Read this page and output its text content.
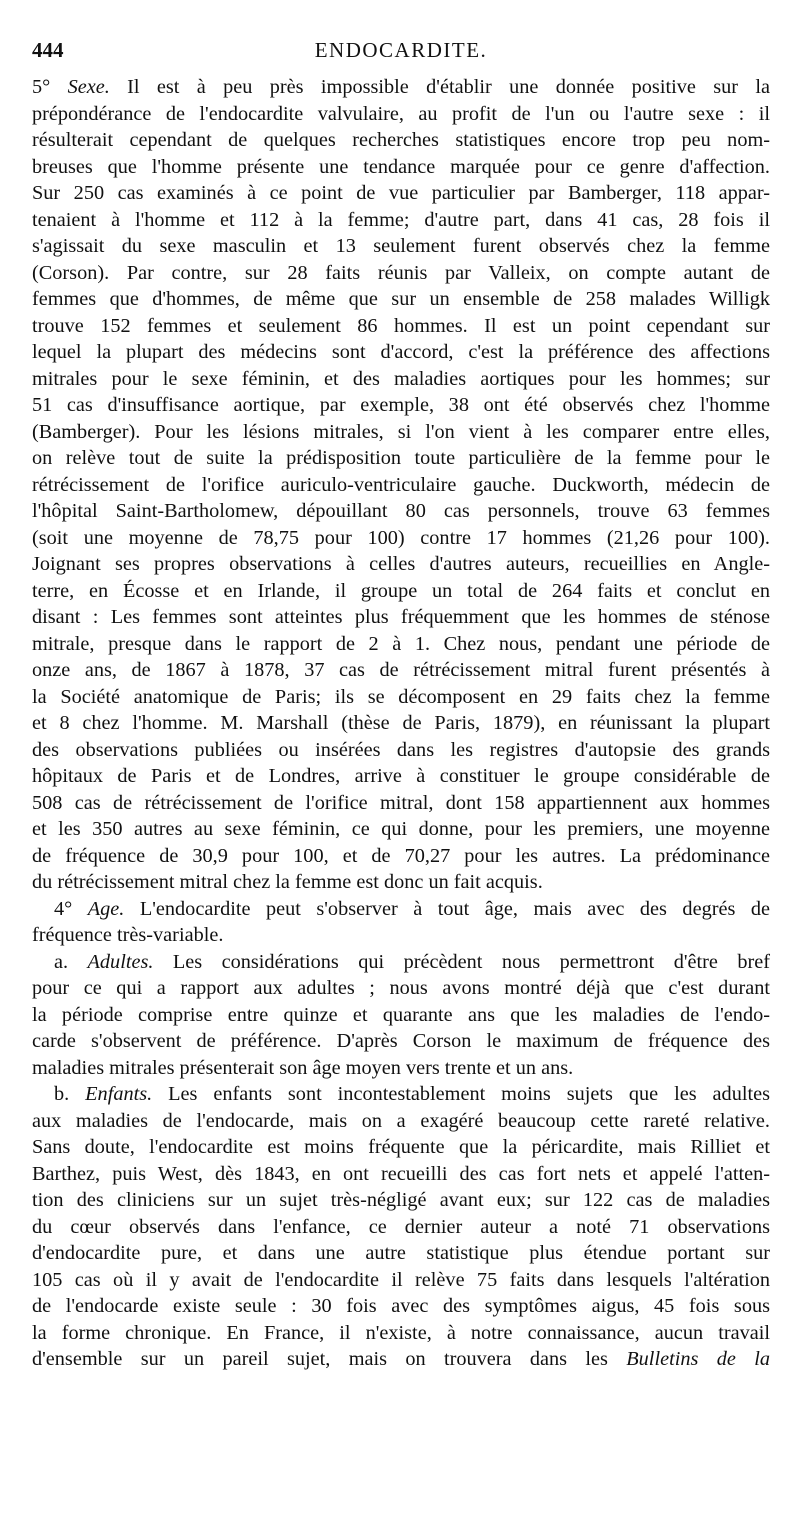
444	ENDOCARDITE.
5° Sexe. Il est à peu près impossible d'établir une donnée positive sur la
prépondérance de l'endocardite valvulaire, au profit de l'un ou l'autre sexe : il
résulterait cependant de quelques recherches statistiques encore trop peu nom-
breuses que l'homme présente une tendance marquée pour ce genre d'affection.
Sur 250 cas examinés à ce point de vue particulier par Bamberger, 118 appar-
tenaient à l'homme et 112 à la femme; d'autre part, dans 41 cas, 28 fois il
s'agissait du sexe masculin et 13 seulement furent observés chez la femme
(Corson). Par contre, sur 28 faits réunis par Valleix, on compte autant de
femmes que d'hommes, de même que sur un ensemble de 258 malades Willigk
trouve 152 femmes et seulement 86 hommes. Il est un point cependant sur
lequel la plupart des médecins sont d'accord, c'est la préférence des affections
mitrales pour le sexe féminin, et des maladies aortiques pour les hommes; sur
51 cas d'insuffisance aortique, par exemple, 38 ont été observés chez l'homme
(Bamberger). Pour les lésions mitrales, si l'on vient à les comparer entre elles,
on relève tout de suite la prédisposition toute particulière de la femme pour le
rétrécissement de l'orifice auriculo-ventriculaire gauche. Duckworth, médecin de
l'hôpital Saint-Bartholomew, dépouillant 80 cas personnels, trouve 63 femmes
(soit une moyenne de 78,75 pour 100) contre 17 hommes (21,26 pour 100).
Joignant ses propres observations à celles d'autres auteurs, recueillies en Angle-
terre, en Écosse et en Irlande, il groupe un total de 264 faits et conclut en
disant : Les femmes sont atteintes plus fréquemment que les hommes de sténose
mitrale, presque dans le rapport de 2 à 1. Chez nous, pendant une période de
onze ans, de 1867 à 1878, 37 cas de rétrécissement mitral furent présentés à
la Société anatomique de Paris; ils se décomposent en 29 faits chez la femme
et 8 chez l'homme. M. Marshall (thèse de Paris, 1879), en réunissant la plupart
des observations publiées ou insérées dans les registres d'autopsie des grands
hôpitaux de Paris et de Londres, arrive à constituer le groupe considérable de
508 cas de rétrécissement de l'orifice mitral, dont 158 appartiennent aux hommes
et les 350 autres au sexe féminin, ce qui donne, pour les premiers, une moyenne
de fréquence de 30,9 pour 100, et de 70,27 pour les autres. La prédominance
du rétrécissement mitral chez la femme est donc un fait acquis.
4° Age. L'endocardite peut s'observer à tout âge, mais avec des degrés de
fréquence très-variable.
a. Adultes. Les considérations qui précèdent nous permettront d'être bref
pour ce qui a rapport aux adultes ; nous avons montré déjà que c'est durant
la période comprise entre quinze et quarante ans que les maladies de l'endo-
carde s'observent de préférence. D'après Corson le maximum de fréquence des
maladies mitrales présenterait son âge moyen vers trente et un ans.
b. Enfants. Les enfants sont incontestablement moins sujets que les adultes
aux maladies de l'endocarde, mais on a exagéré beaucoup cette rareté relative.
Sans doute, l'endocardite est moins fréquente que la péricardite, mais Rilliet et
Barthez, puis West, dès 1843, en ont recueilli des cas fort nets et appelé l'atten-
tion des cliniciens sur un sujet très-négligé avant eux; sur 122 cas de maladies
du cœur observés dans l'enfance, ce dernier auteur a noté 71 observations
d'endocardite pure, et dans une autre statistique plus étendue portant sur
105 cas où il y avait de l'endocardite il relève 75 faits dans lesquels l'altération
de l'endocarde existe seule : 30 fois avec des symptômes aigus, 45 fois sous
la forme chronique. En France, il n'existe, à notre connaissance, aucun travail
d'ensemble sur un pareil sujet, mais on trouvera dans les Bulletins de la
